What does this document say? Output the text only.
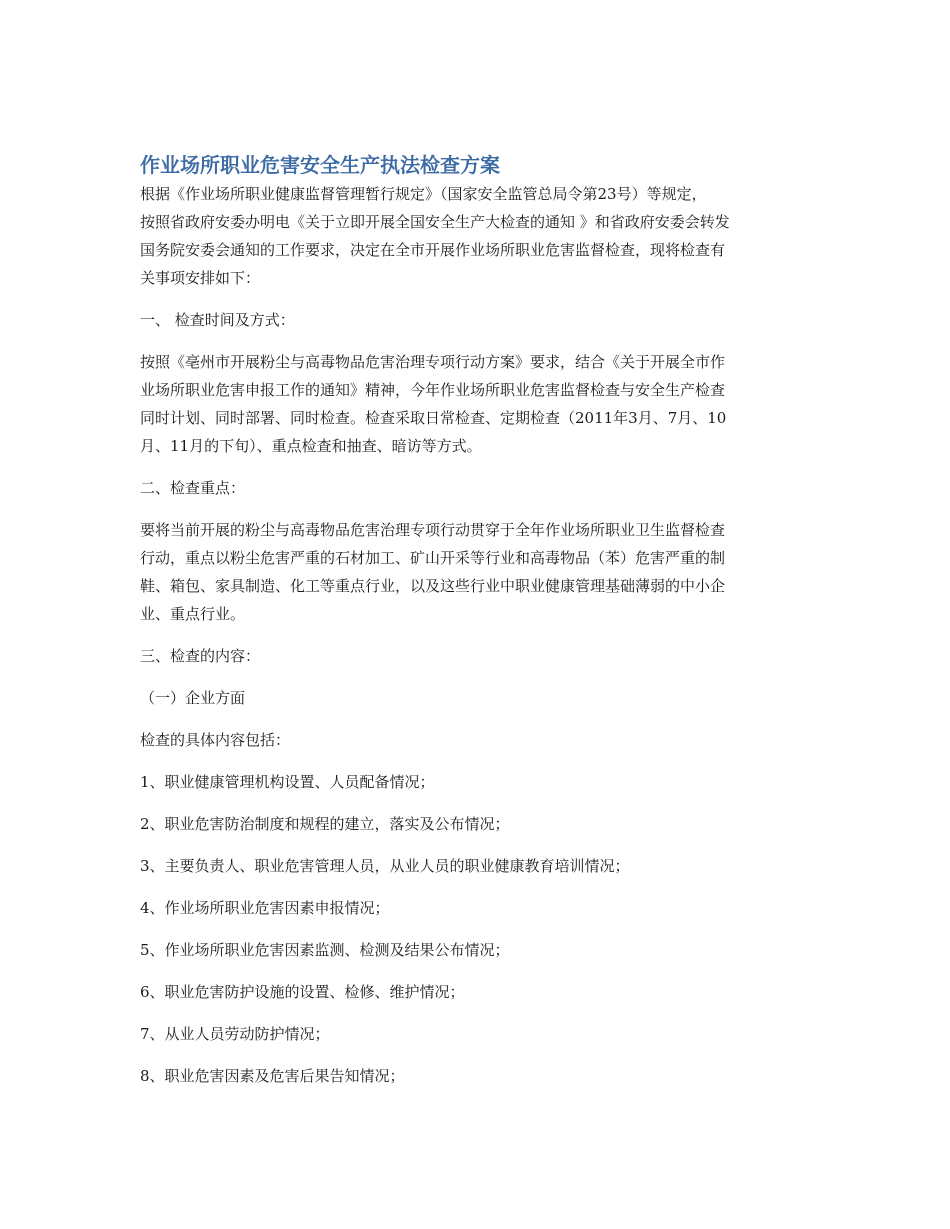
作业场所职业危害安全生产执法检查方案

根据《作业场所职业健康监督管理暂行规定》（国家安全监管总局令第23号）等规定，
按照省政府安委办明电《关于立即开展全国安全生产大检查的通知 》和省政府安委会转发
国务院安委会通知的工作要求，决定在全市开展作业场所职业危害监督检查，现将检查有
关事项安排如下：

一、 检查时间及方式：

按照《亳州市开展粉尘与高毒物品危害治理专项行动方案》要求，结合《关于开展全市作
业场所职业危害申报工作的通知》精神，今年作业场所职业危害监督检查与安全生产检查
同时计划、同时部署、同时检查。检查采取日常检查、定期检查（2011年3月、7月、10
月、11月的下旬）、重点检查和抽查、暗访等方式。

二、检查重点：

要将当前开展的粉尘与高毒物品危害治理专项行动贯穿于全年作业场所职业卫生监督检查
行动，重点以粉尘危害严重的石材加工、矿山开采等行业和高毒物品（苯）危害严重的制
鞋、箱包、家具制造、化工等重点行业，以及这些行业中职业健康管理基础薄弱的中小企
业、重点行业。

三、检查的内容：

（一）企业方面

检查的具体内容包括：

1、职业健康管理机构设置、人员配备情况；

2、职业危害防治制度和规程的建立，落实及公布情况；

3、主要负责人、职业危害管理人员，从业人员的职业健康教育培训情况；

4、作业场所职业危害因素申报情况；

5、作业场所职业危害因素监测、检测及结果公布情况；

6、职业危害防护设施的设置、检修、维护情况；

7、从业人员劳动防护情况；

8、职业危害因素及危害后果告知情况；
